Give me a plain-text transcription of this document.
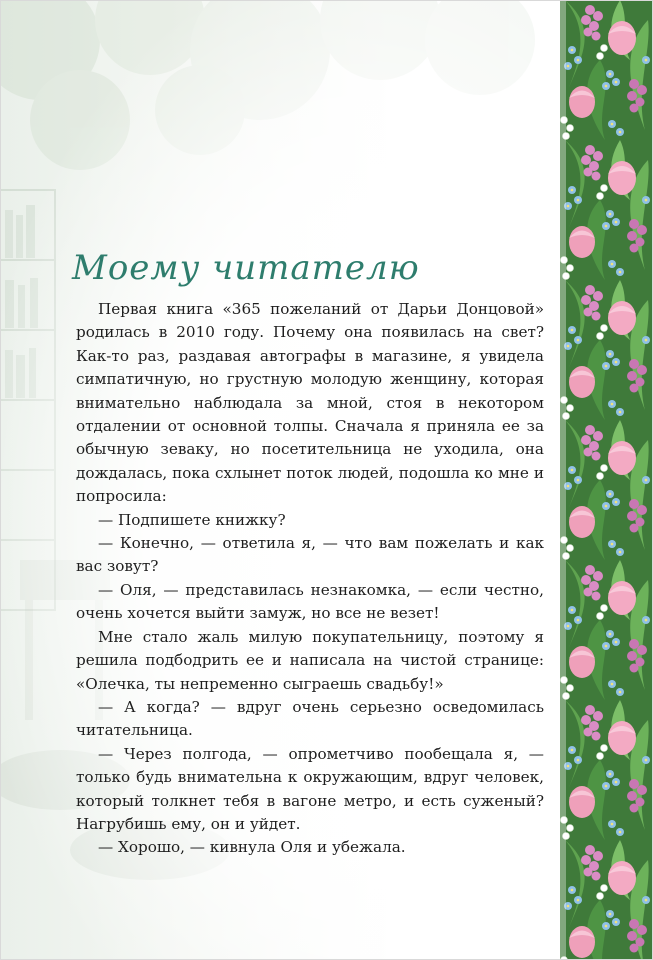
Моему читателю

Первая книга «365 пожеланий от Дарьи Донцовой» родилась в 2010 году. Почему она появилась на свет? Как-то раз, раздавая автографы в магазине, я увидела симпатичную, но грустную молодую женщину, которая внимательно наблюдала за мной, стоя в некотором отдалении от основной толпы. Сначала я приняла ее за обычную зеваку, но посетительница не уходила, она дождалась, пока схлынет поток людей, подошла ко мне и попросила:

— Подпишете книжку?

— Конечно, — ответила я, — что вам пожелать и как вас зовут?

— Оля, — представилась незнакомка, — если честно, очень хочется выйти замуж, но все не везет!

Мне стало жаль милую покупательницу, поэтому я решила подбодрить ее и написала на чистой странице: «Олечка, ты непременно сыграешь свадьбу!»

— А когда? — вдруг очень серьезно осведомилась читательница.

— Через полгода, — опрометчиво пообещала я, — только будь внимательна к окружающим, вдруг человек, который толкнет тебя в вагоне метро, и есть суженый? Нагрубишь ему, он и уйдет.

— Хорошо, — кивнула Оля и убежала.
